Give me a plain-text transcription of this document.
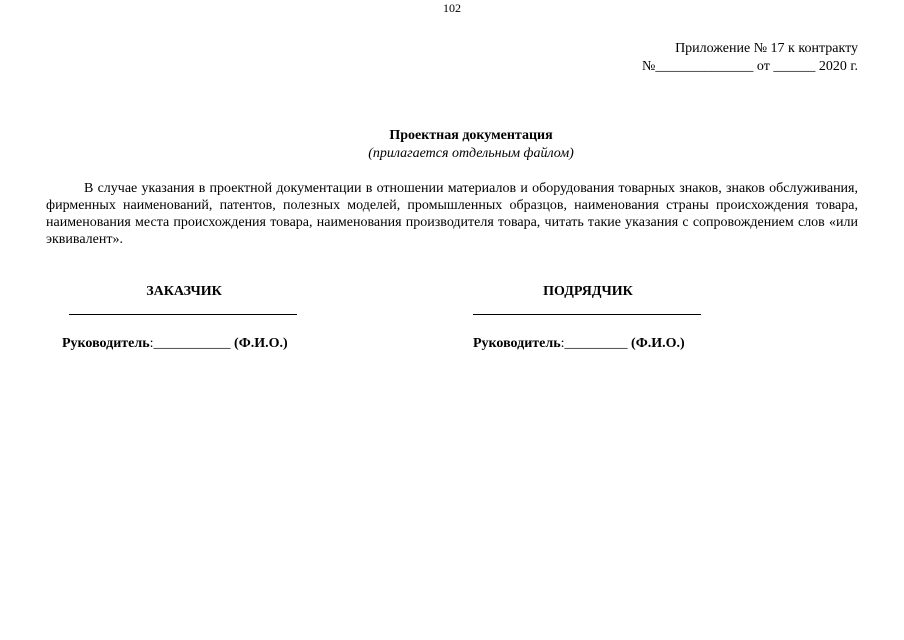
102
Приложение № 17 к контракту
№______________ от ______ 2020 г.
Проектная документация
(прилагается отдельным файлом)

В случае указания в проектной документации в отношении материалов и оборудования товарных знаков, знаков обслуживания, фирменных наименований, патентов, полезных моделей, промышленных образцов, наименования страны происхождения товара, наименования места происхождения товара, наименования производителя товара, читать такие указания с сопровождением слов «или эквивалент».

ЗАКАЗЧИК	ПОДРЯДЧИК
Руководитель:___________ (Ф.И.О.)	Руководитель:_________ (Ф.И.О.)
